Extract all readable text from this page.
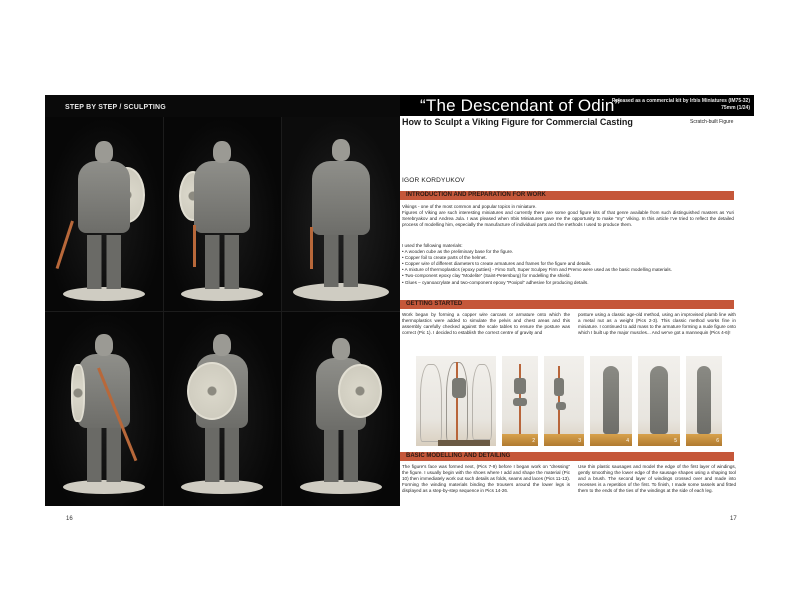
STEP BY STEP / SCULPTING
16
“The Descendant of Odin”
Released as a commercial kit by Irbis Miniatures (IM75-32)
75mm (1/24)
How to Sculpt a Viking Figure for Commercial Casting	Scratch-built Figure
IGOR KORDYUKOV
INTRODUCTION AND PREPARATION FOR WORK

Vikings - one of the most common and popular topics in miniature.

Figures of Viking are such interesting miniatures and currently there are some good figure kits of that genre available from such distinguished masters as Yuri Serebryakov and Andrea Jula. I was pleased when Irbis Miniatures gave me the opportunity to make “my” Viking. In this article I've tried to reflect the detailed process of modelling him, especially the manufacture of individual parts and the methods I used to produce them.

I used the following materials:

• A wooden cube as the preliminary base for the figure.
• Copper foil to create parts of the helmet.
• Copper wire of different diameters to create armatures and frames for the figure and details.
• A mixture of thermoplastics (epoxy putties) - Fimo Soft, Super Sculpey Firm and Premo were used as the basic modelling materials.
• Two-component epoxy clay “Modelite” (Saint-Petersburg) for modelling the shield.
• Glues – cyanoacrylate and two-component epoxy “Poxipol” adhesive for producing details.
GETTING STARTED
Work began by forming a copper wire carcass or armature onto which the thermoplastics were added to simulate the pelvis and chest areas and this assembly carefully checked against the scale tables to ensure the posture was correct (Pic 1). I decided to establish the correct centre of gravity and
posture using a classic age-old method, using an improvised plumb line with a metal nut as a weight (Pics 2-3). This classic method works fine in miniature. I continued to add mass to the armature forming a nude figure onto which I built up the major muscles... And we've got a mannequin (Pics 4-6)!
2	3	4	5	6
BASIC MODELLING AND DETAILING
The figure's face was formed next, (Pics 7-9) before I began work on “dressing” the figure. I usually begin with the shoes where I add and shape the material (Pic 10) then immediately work out such details as folds, seams and laces (Pics 11-13). Forming the winding materials binding the trousers around the lower legs is displayed as a step-by-step sequence in Pics 14-26.
Use thin plastic sausages and model the edge of the first layer of windings, gently smoothing the lower edge of the sausage shapes using a shaping tool and a brush. The second layer of windings crossed over and made into recesses is a repetition of the first. To finish, I made some tassels and fitted them to the ends of the ties of the windings at the side of each leg.
17
